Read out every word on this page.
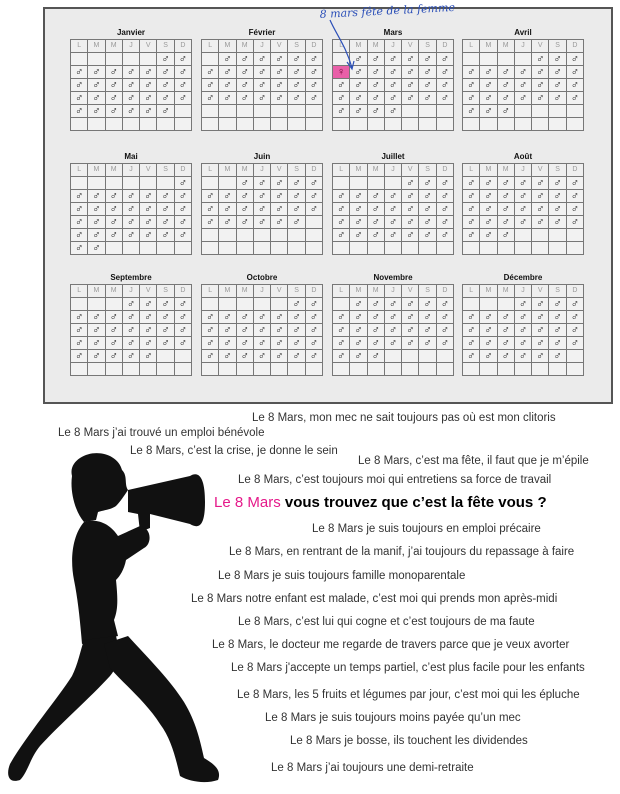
Janvier
L	M	M	J	V	S	D
					♂	♂
♂	♂	♂	♂	♂	♂	♂
♂	♂	♂	♂	♂	♂	♂
♂	♂	♂	♂	♂	♂	♂
♂	♂	♂	♂	♂	♂	

Février
L	M	M	J	V	S	D
	♂	♂	♂	♂	♂	♂
♂	♂	♂	♂	♂	♂	♂
♂	♂	♂	♂	♂	♂	♂
♂	♂	♂	♂	♂	♂	♂

Mars
L	M	M	J	V	S	D
	♂	♂	♂	♂	♂	♂
♀	♂	♂	♂	♂	♂	♂
♂	♂	♂	♂	♂	♂	♂
♂	♂	♂	♂	♂	♂	♂
♂	♂	♂	♂			

Avril
L	M	M	J	V	S	D
				♂	♂	♂
♂	♂	♂	♂	♂	♂	♂
♂	♂	♂	♂	♂	♂	♂
♂	♂	♂	♂	♂	♂	♂
♂	♂	♂				

Mai
L	M	M	J	V	S	D
						♂
♂	♂	♂	♂	♂	♂	♂
♂	♂	♂	♂	♂	♂	♂
♂	♂	♂	♂	♂	♂	♂
♂	♂	♂	♂	♂	♂	♂
♂	♂					
Juin
L	M	M	J	V	S	D
		♂	♂	♂	♂	♂
♂	♂	♂	♂	♂	♂	♂
♂	♂	♂	♂	♂	♂	♂
♂	♂	♂	♂	♂	♂	

Juillet
L	M	M	J	V	S	D
				♂	♂	♂
♂	♂	♂	♂	♂	♂	♂
♂	♂	♂	♂	♂	♂	♂
♂	♂	♂	♂	♂	♂	♂
♂	♂	♂	♂	♂	♂	♂

Août
L	M	M	J	V	S	D
♂	♂	♂	♂	♂	♂	♂
♂	♂	♂	♂	♂	♂	♂
♂	♂	♂	♂	♂	♂	♂
♂	♂	♂	♂	♂	♂	♂
♂	♂	♂				

Septembre
L	M	M	J	V	S	D
			♂	♂	♂	♂
♂	♂	♂	♂	♂	♂	♂
♂	♂	♂	♂	♂	♂	♂
♂	♂	♂	♂	♂	♂	♂
♂	♂	♂	♂	♂		

Octobre
L	M	M	J	V	S	D
					♂	♂
♂	♂	♂	♂	♂	♂	♂
♂	♂	♂	♂	♂	♂	♂
♂	♂	♂	♂	♂	♂	♂
♂	♂	♂	♂	♂	♂	♂

Novembre
L	M	M	J	V	S	D
	♂	♂	♂	♂	♂	♂
♂	♂	♂	♂	♂	♂	♂
♂	♂	♂	♂	♂	♂	♂
♂	♂	♂	♂	♂	♂	♂
♂	♂	♂				

Décembre
L	M	M	J	V	S	D
			♂	♂	♂	♂
♂	♂	♂	♂	♂	♂	♂
♂	♂	♂	♂	♂	♂	♂
♂	♂	♂	♂	♂	♂	♂
♂	♂	♂	♂	♂	♂	

8 mars fête de la femme
Le 8 Mars, mon mec ne sait toujours pas où est mon clitoris
Le 8 Mars j’ai trouvé un emploi bénévole
Le 8 Mars, c’est la crise, je donne le sein
Le 8 Mars, c’est ma fête, il faut que je m’épile
Le 8 Mars, c’est toujours moi qui entretiens sa force de travail
Le 8 Mars je suis toujours en emploi précaire
Le 8 Mars, en rentrant de la manif, j’ai toujours du repassage à faire
Le 8 Mars je suis toujours famille monoparentale
Le 8 Mars notre enfant est malade, c’est moi qui prends mon après-midi
Le 8 Mars, c’est lui qui cogne et c’est toujours de ma faute
Le 8 Mars, le docteur me regarde de travers parce que je veux avorter
Le 8 Mars j'accepte un temps partiel, c’est plus facile pour les enfants
Le 8 Mars, les 5 fruits et légumes par jour, c’est moi qui les épluche
Le 8 Mars je suis toujours moins payée qu’un mec
Le 8 Mars je bosse, ils touchent les dividendes
Le 8 Mars j’ai toujours une demi-retraite
Le 8 Mars vous trouvez que c’est la fête vous ?
